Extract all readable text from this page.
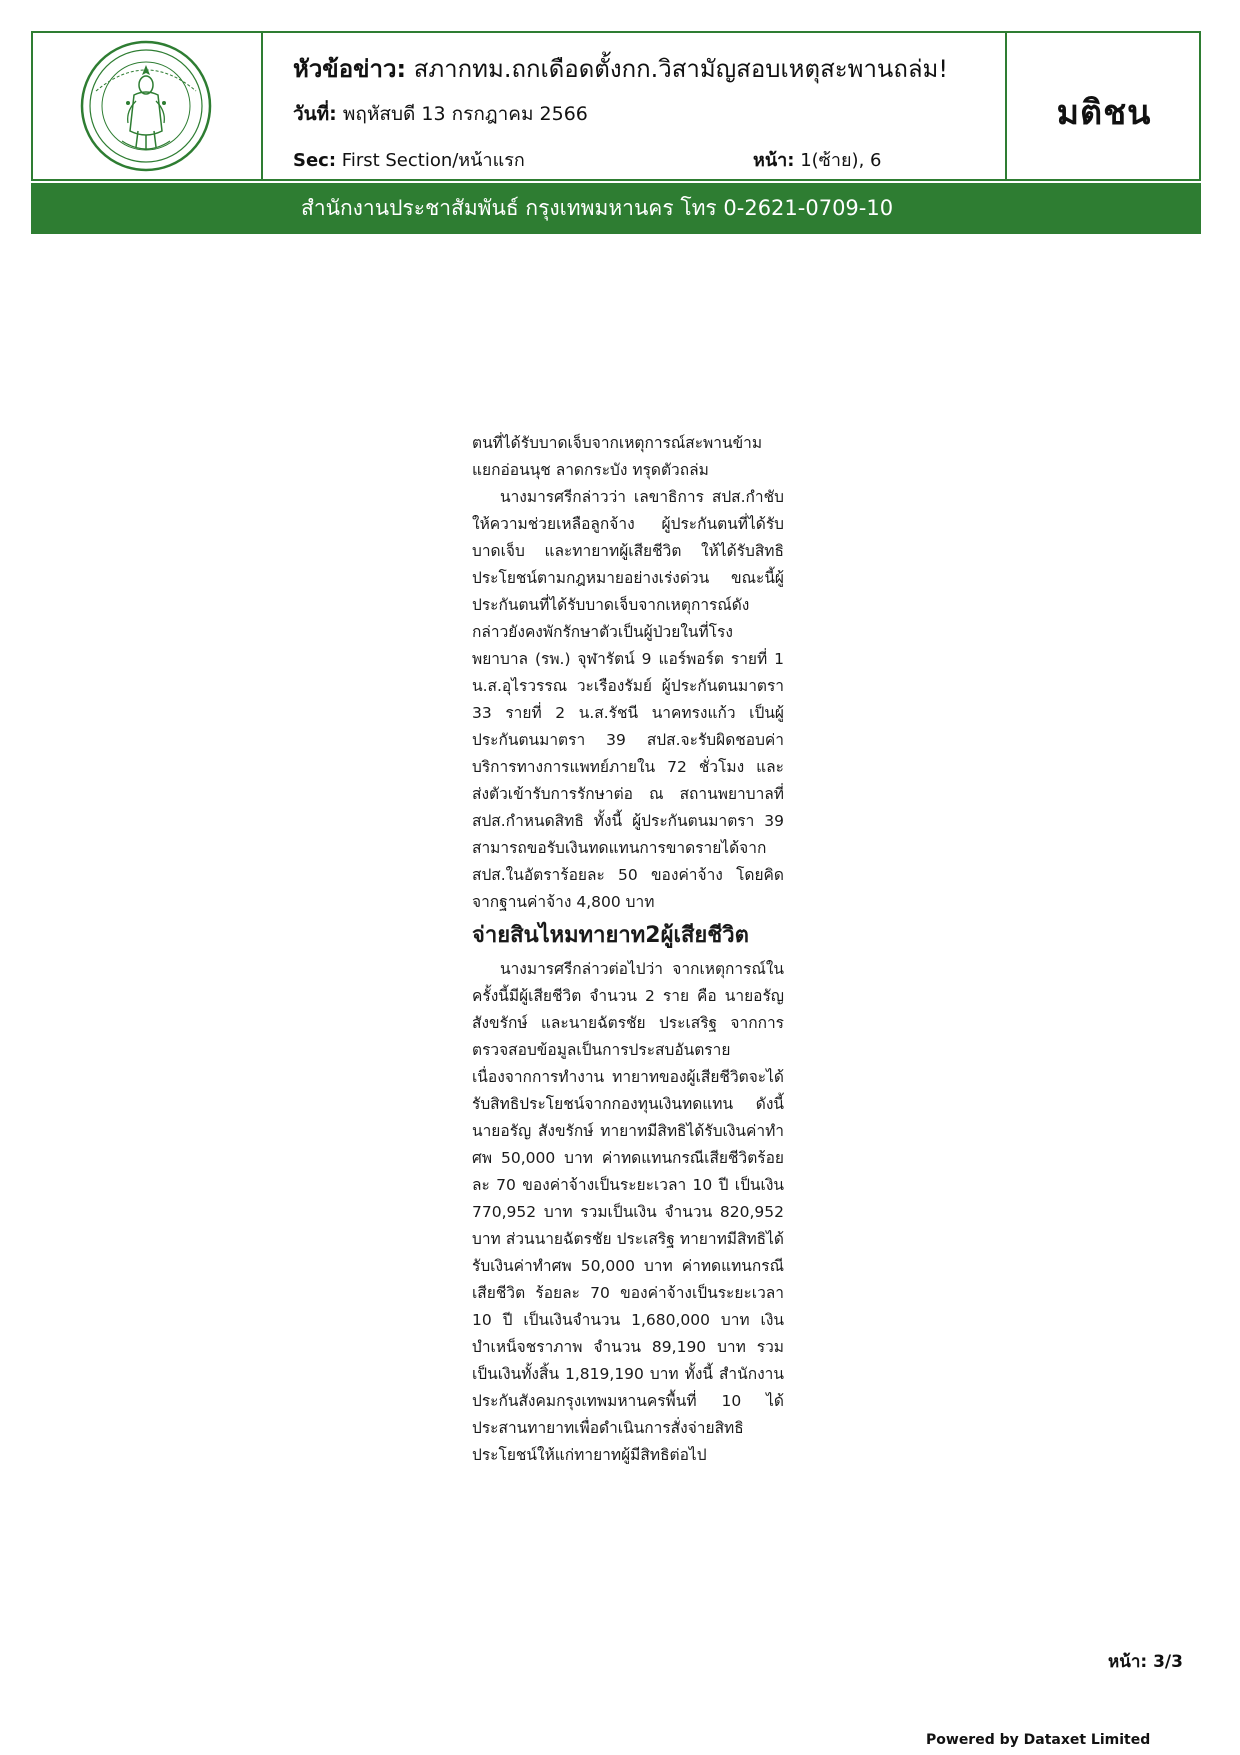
หัวข้อข่าว: สภากทม.ถกเดือดตั้งกก.วิสามัญสอบเหตุสะพานถล่ม!
วันที่: พฤหัสบดี 13 กรกฎาคม 2566
Sec: First Section/หน้าแรก	หน้า: 1(ซ้าย), 6
มติชน
สำนักงานประชาสัมพันธ์ กรุงเทพมหานคร โทร 0-2621-0709-10

ตนที่ได้รับบาดเจ็บจากเหตุการณ์สะพานข้ามแยกอ่อนนุช ลาดกระบัง ทรุดตัวถล่ม

นางมารศรีกล่าวว่า เลขาธิการ สปส.กำชับให้ความช่วยเหลือลูกจ้าง ผู้ประกันตนที่ได้รับบาดเจ็บ และทายาทผู้เสียชีวิต ให้ได้รับสิทธิประโยชน์ตามกฎหมายอย่างเร่งด่วน ขณะนี้ผู้ประกันตนที่ได้รับบาดเจ็บจากเหตุการณ์ดังกล่าวยังคงพักรักษาตัวเป็นผู้ป่วยในที่โรงพยาบาล (รพ.) จุฬารัตน์ 9 แอร์พอร์ต รายที่ 1 น.ส.อุไรวรรณ วะเรืองรัมย์ ผู้ประกันตนมาตรา 33 รายที่ 2 น.ส.รัชนี นาคทรงแก้ว เป็นผู้ประกันตนมาตรา 39 สปส.จะรับผิดชอบค่าบริการทางการแพทย์ภายใน 72 ชั่วโมง และส่งตัวเข้ารับการรักษาต่อ ณ สถานพยาบาลที่สปส.กำหนดสิทธิ ทั้งนี้ ผู้ประกันตนมาตรา 39 สามารถขอรับเงินทดแทนการขาดรายได้จาก สปส.ในอัตราร้อยละ 50 ของค่าจ้าง โดยคิดจากฐานค่าจ้าง 4,800 บาท

จ่ายสินไหมทายาท2ผู้เสียชีวิต

นางมารศรีกล่าวต่อไปว่า จากเหตุการณ์ในครั้งนี้มีผู้เสียชีวิต จำนวน 2 ราย คือ นายอรัญ สังขรักษ์ และนายฉัตรชัย ประเสริฐ จากการตรวจสอบข้อมูลเป็นการประสบอันตรายเนื่องจากการทำงาน ทายาทของผู้เสียชีวิตจะได้รับสิทธิประโยชน์จากกองทุนเงินทดแทน ดังนี้ นายอรัญ สังขรักษ์ ทายาทมีสิทธิได้รับเงินค่าทำศพ 50,000 บาท ค่าทดแทนกรณีเสียชีวิตร้อยละ 70 ของค่าจ้างเป็นระยะเวลา 10 ปี เป็นเงิน 770,952 บาท รวมเป็นเงิน จำนวน 820,952 บาท ส่วนนายฉัตรชัย ประเสริฐ ทายาทมีสิทธิได้รับเงินค่าทำศพ 50,000 บาท ค่าทดแทนกรณีเสียชีวิต ร้อยละ 70 ของค่าจ้างเป็นระยะเวลา 10 ปี เป็นเงินจำนวน 1,680,000 บาท เงินบำเหน็จชราภาพ จำนวน 89,190 บาท รวมเป็นเงินทั้งสิ้น 1,819,190 บาท ทั้งนี้ สำนักงานประกันสังคมกรุงเทพมหานครพื้นที่ 10 ได้ประสานทายาทเพื่อดำเนินการสั่งจ่ายสิทธิประโยชน์ให้แก่ทายาทผู้มีสิทธิต่อไป

หน้า: 3/3
Powered by Dataxet Limited
